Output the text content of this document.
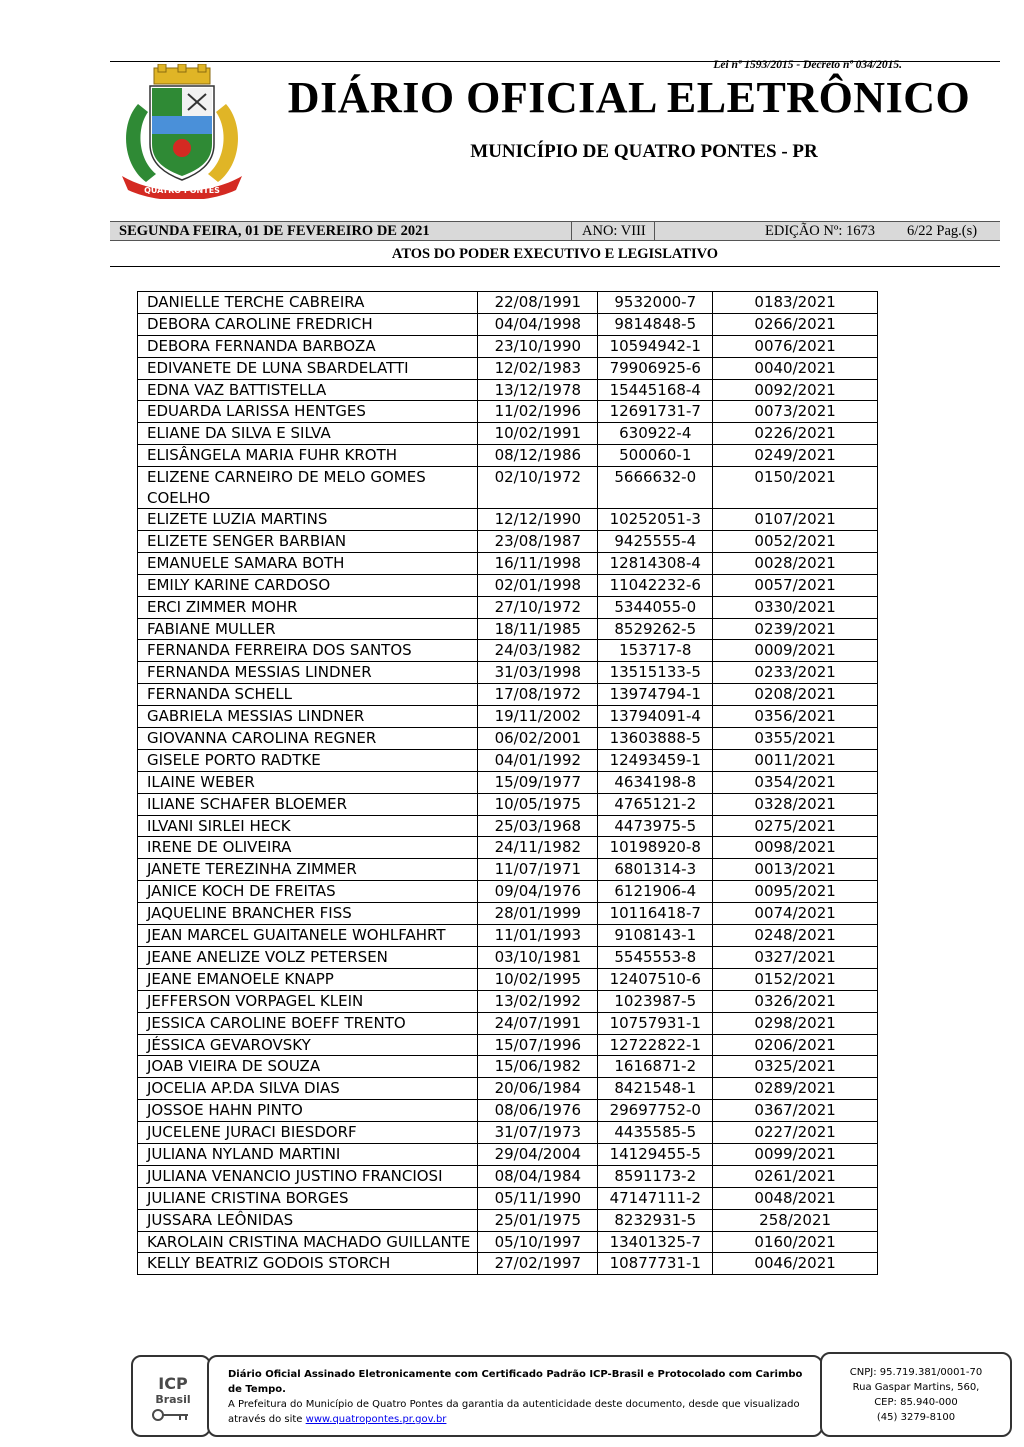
Lei nº 1593/2015 - Decreto nº 034/2015.
QUATRO PONTES
DIÁRIO OFICIAL ELETRÔNICO
MUNICÍPIO DE QUATRO PONTES - PR
SEGUNDA FEIRA, 01 DE FEVEREIRO DE 2021	ANO: VIII	EDIÇÃO Nº: 1673 6/22 Pag.(s)
ATOS DO PODER EXECUTIVO E LEGISLATIVO
DANIELLE TERCHE CABREIRA	22/08/1991	9532000-7	0183/2021
DEBORA CAROLINE FREDRICH	04/04/1998	9814848-5	0266/2021
DEBORA FERNANDA BARBOZA	23/10/1990	10594942-1	0076/2021
EDIVANETE DE LUNA SBARDELATTI	12/02/1983	79906925-6	0040/2021
EDNA VAZ BATTISTELLA	13/12/1978	15445168-4	0092/2021
EDUARDA LARISSA HENTGES	11/02/1996	12691731-7	0073/2021
ELIANE DA SILVA E SILVA	10/02/1991	630922-4	0226/2021
ELISÂNGELA MARIA FUHR KROTH	08/12/1986	500060-1	0249/2021
ELIZENE CARNEIRO DE MELO GOMES COELHO	02/10/1972	5666632-0	0150/2021
ELIZETE LUZIA MARTINS	12/12/1990	10252051-3	0107/2021
ELIZETE SENGER BARBIAN	23/08/1987	9425555-4	0052/2021
EMANUELE SAMARA BOTH	16/11/1998	12814308-4	0028/2021
EMILY KARINE CARDOSO	02/01/1998	11042232-6	0057/2021
ERCI ZIMMER MOHR	27/10/1972	5344055-0	0330/2021
FABIANE MULLER	18/11/1985	8529262-5	0239/2021
FERNANDA FERREIRA DOS SANTOS	24/03/1982	153717-8	0009/2021
FERNANDA MESSIAS LINDNER	31/03/1998	13515133-5	0233/2021
FERNANDA SCHELL	17/08/1972	13974794-1	0208/2021
GABRIELA MESSIAS LINDNER	19/11/2002	13794091-4	0356/2021
GIOVANNA CAROLINA REGNER	06/02/2001	13603888-5	0355/2021
GISELE PORTO RADTKE	04/01/1992	12493459-1	0011/2021
ILAINE WEBER	15/09/1977	4634198-8	0354/2021
ILIANE SCHAFER BLOEMER	10/05/1975	4765121-2	0328/2021
ILVANI SIRLEI HECK	25/03/1968	4473975-5	0275/2021
IRENE DE OLIVEIRA	24/11/1982	10198920-8	0098/2021
JANETE TEREZINHA ZIMMER	11/07/1971	6801314-3	0013/2021
JANICE KOCH DE FREITAS	09/04/1976	6121906-4	0095/2021
JAQUELINE BRANCHER FISS	28/01/1999	10116418-7	0074/2021
JEAN MARCEL GUAITANELE WOHLFAHRT	11/01/1993	9108143-1	0248/2021
JEANE ANELIZE VOLZ PETERSEN	03/10/1981	5545553-8	0327/2021
JEANE EMANOELE KNAPP	10/02/1995	12407510-6	0152/2021
JEFFERSON VORPAGEL KLEIN	13/02/1992	1023987-5	0326/2021
JESSICA CAROLINE BOEFF TRENTO	24/07/1991	10757931-1	0298/2021
JÉSSICA GEVAROVSKY	15/07/1996	12722822-1	0206/2021
JOAB VIEIRA DE SOUZA	15/06/1982	1616871-2	0325/2021
JOCELIA AP.DA SILVA DIAS	20/06/1984	8421548-1	0289/2021
JOSSOE HAHN PINTO	08/06/1976	29697752-0	0367/2021
JUCELENE JURACI BIESDORF	31/07/1973	4435585-5	0227/2021
JULIANA NYLAND MARTINI	29/04/2004	14129455-5	0099/2021
JULIANA VENANCIO JUSTINO FRANCIOSI	08/04/1984	8591173-2	0261/2021
JULIANE CRISTINA BORGES	05/11/1990	47147111-2	0048/2021
JUSSARA LEÔNIDAS	25/01/1975	8232931-5	258/2021
KAROLAIN CRISTINA MACHADO GUILLANTE	05/10/1997	13401325-7	0160/2021
KELLY BEATRIZ GODOIS STORCH	27/02/1997	10877731-1	0046/2021
ICP
Brasil
Diário Oficial Assinado Eletronicamente com Certificado Padrão ICP-Brasil e Protocolado com Carimbo de Tempo.
A Prefeitura do Município de Quatro Pontes da garantia da autenticidade deste documento, desde que visualizado
através do site www.quatropontes.pr.gov.br
CNPJ: 95.719.381/0001-70
Rua Gaspar Martins, 560,
CEP: 85.940-000
(45) 3279-8100
